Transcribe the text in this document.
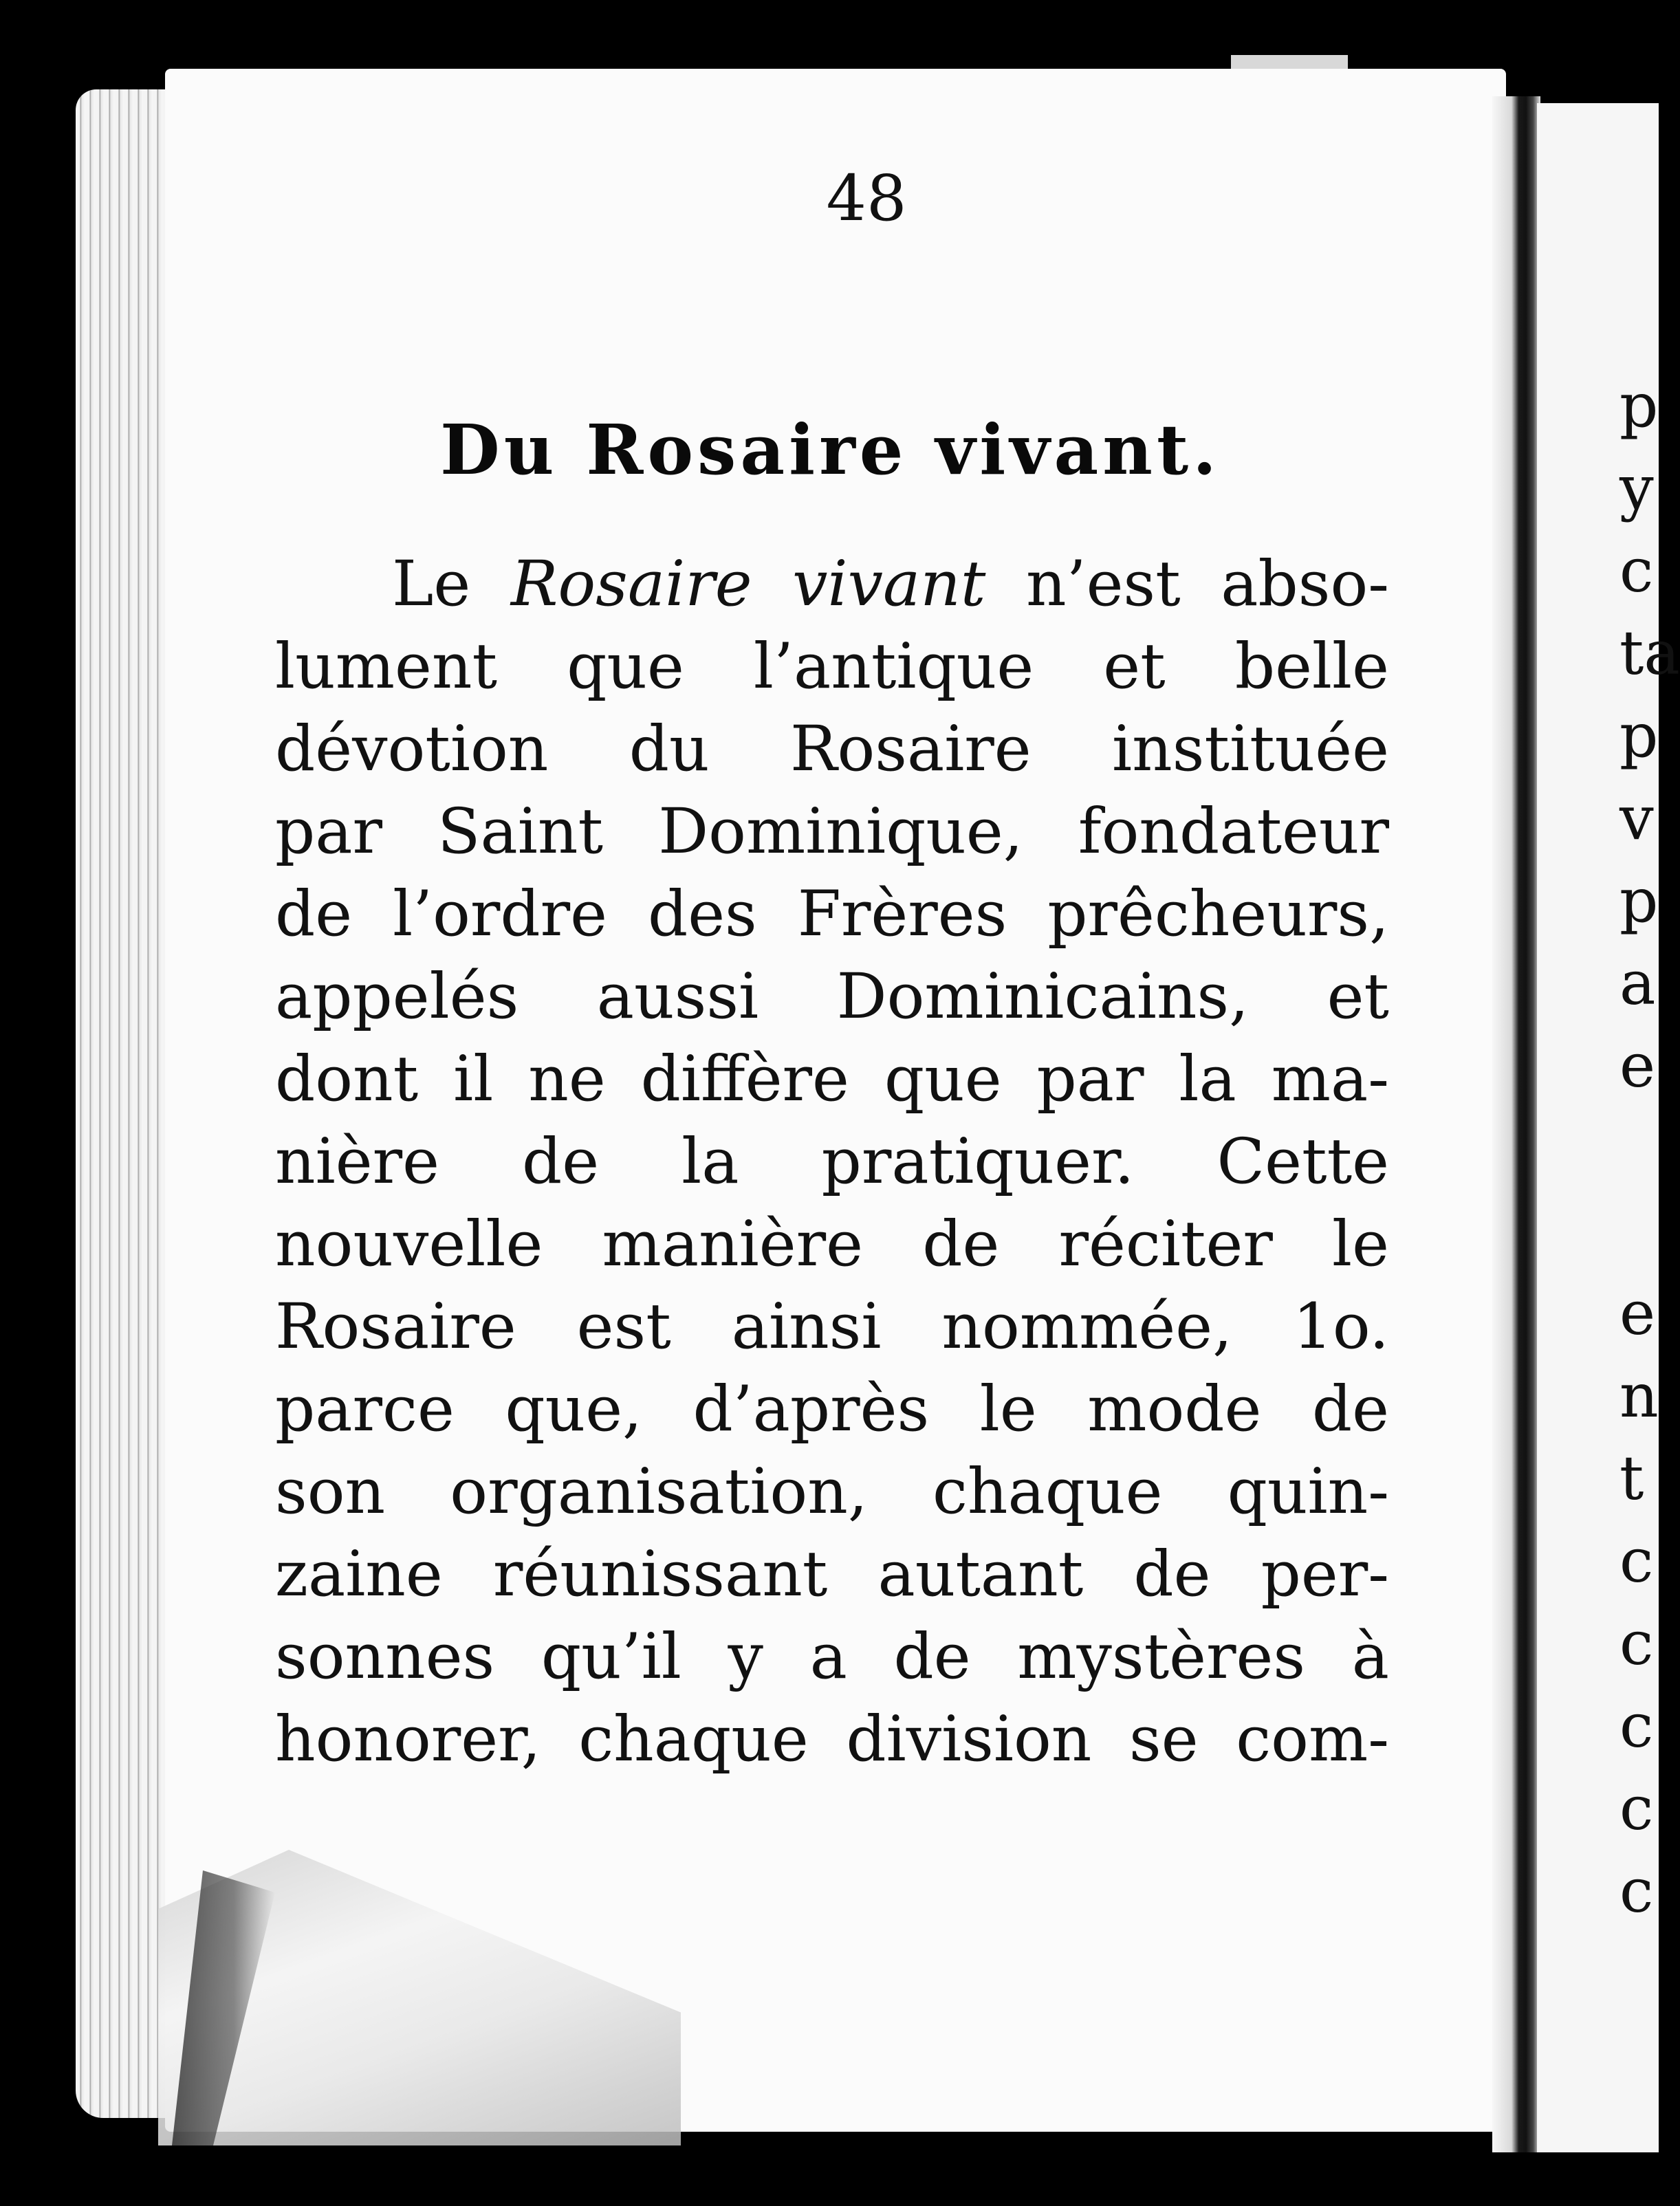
48
Du Rosaire vivant.
Le Rosaire vivant n’est abso-
lument que l’antique et belle
dévotion du Rosaire instituée
par Saint Dominique, fondateur
de l’ordre des Frères prêcheurs,
appelés aussi Dominicains, et
dont il ne diffère que par la ma-
nière de la pratiquer. Cette
nouvelle manière de réciter le
Rosaire est ainsi nommée, 1o.
parce que, d’après le mode de
son organisation, chaque quin-
zaine réunissant autant de per-
sonnes qu’il y a de mystères à
honorer, chaque division se com-
p
y
c
ta
p
v
p
a
e
e
n
t
c
c
c
c
c
